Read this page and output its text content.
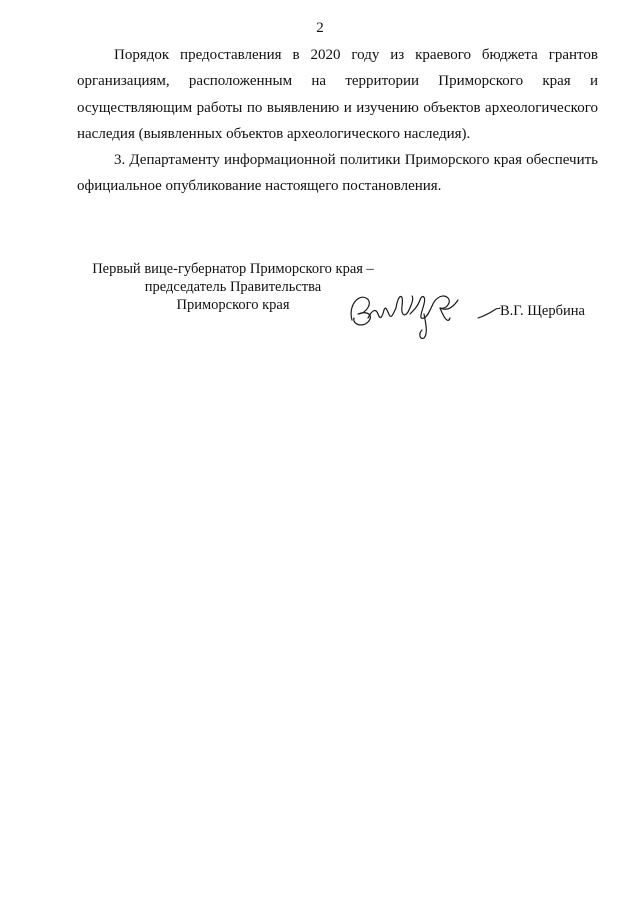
2

Порядок предоставления в 2020 году из краевого бюджета грантов организациям, расположенным на территории Приморского края и осуществляющим работы по выявлению и изучению объектов археологического наследия (выявленных объектов археологического наследия).

3. Департаменту информационной политики Приморского края обеспечить официальное опубликование настоящего постановления.

Первый вице-губернатор Приморского края –
председатель Правительства
Приморского края	В.Г. Щербина
